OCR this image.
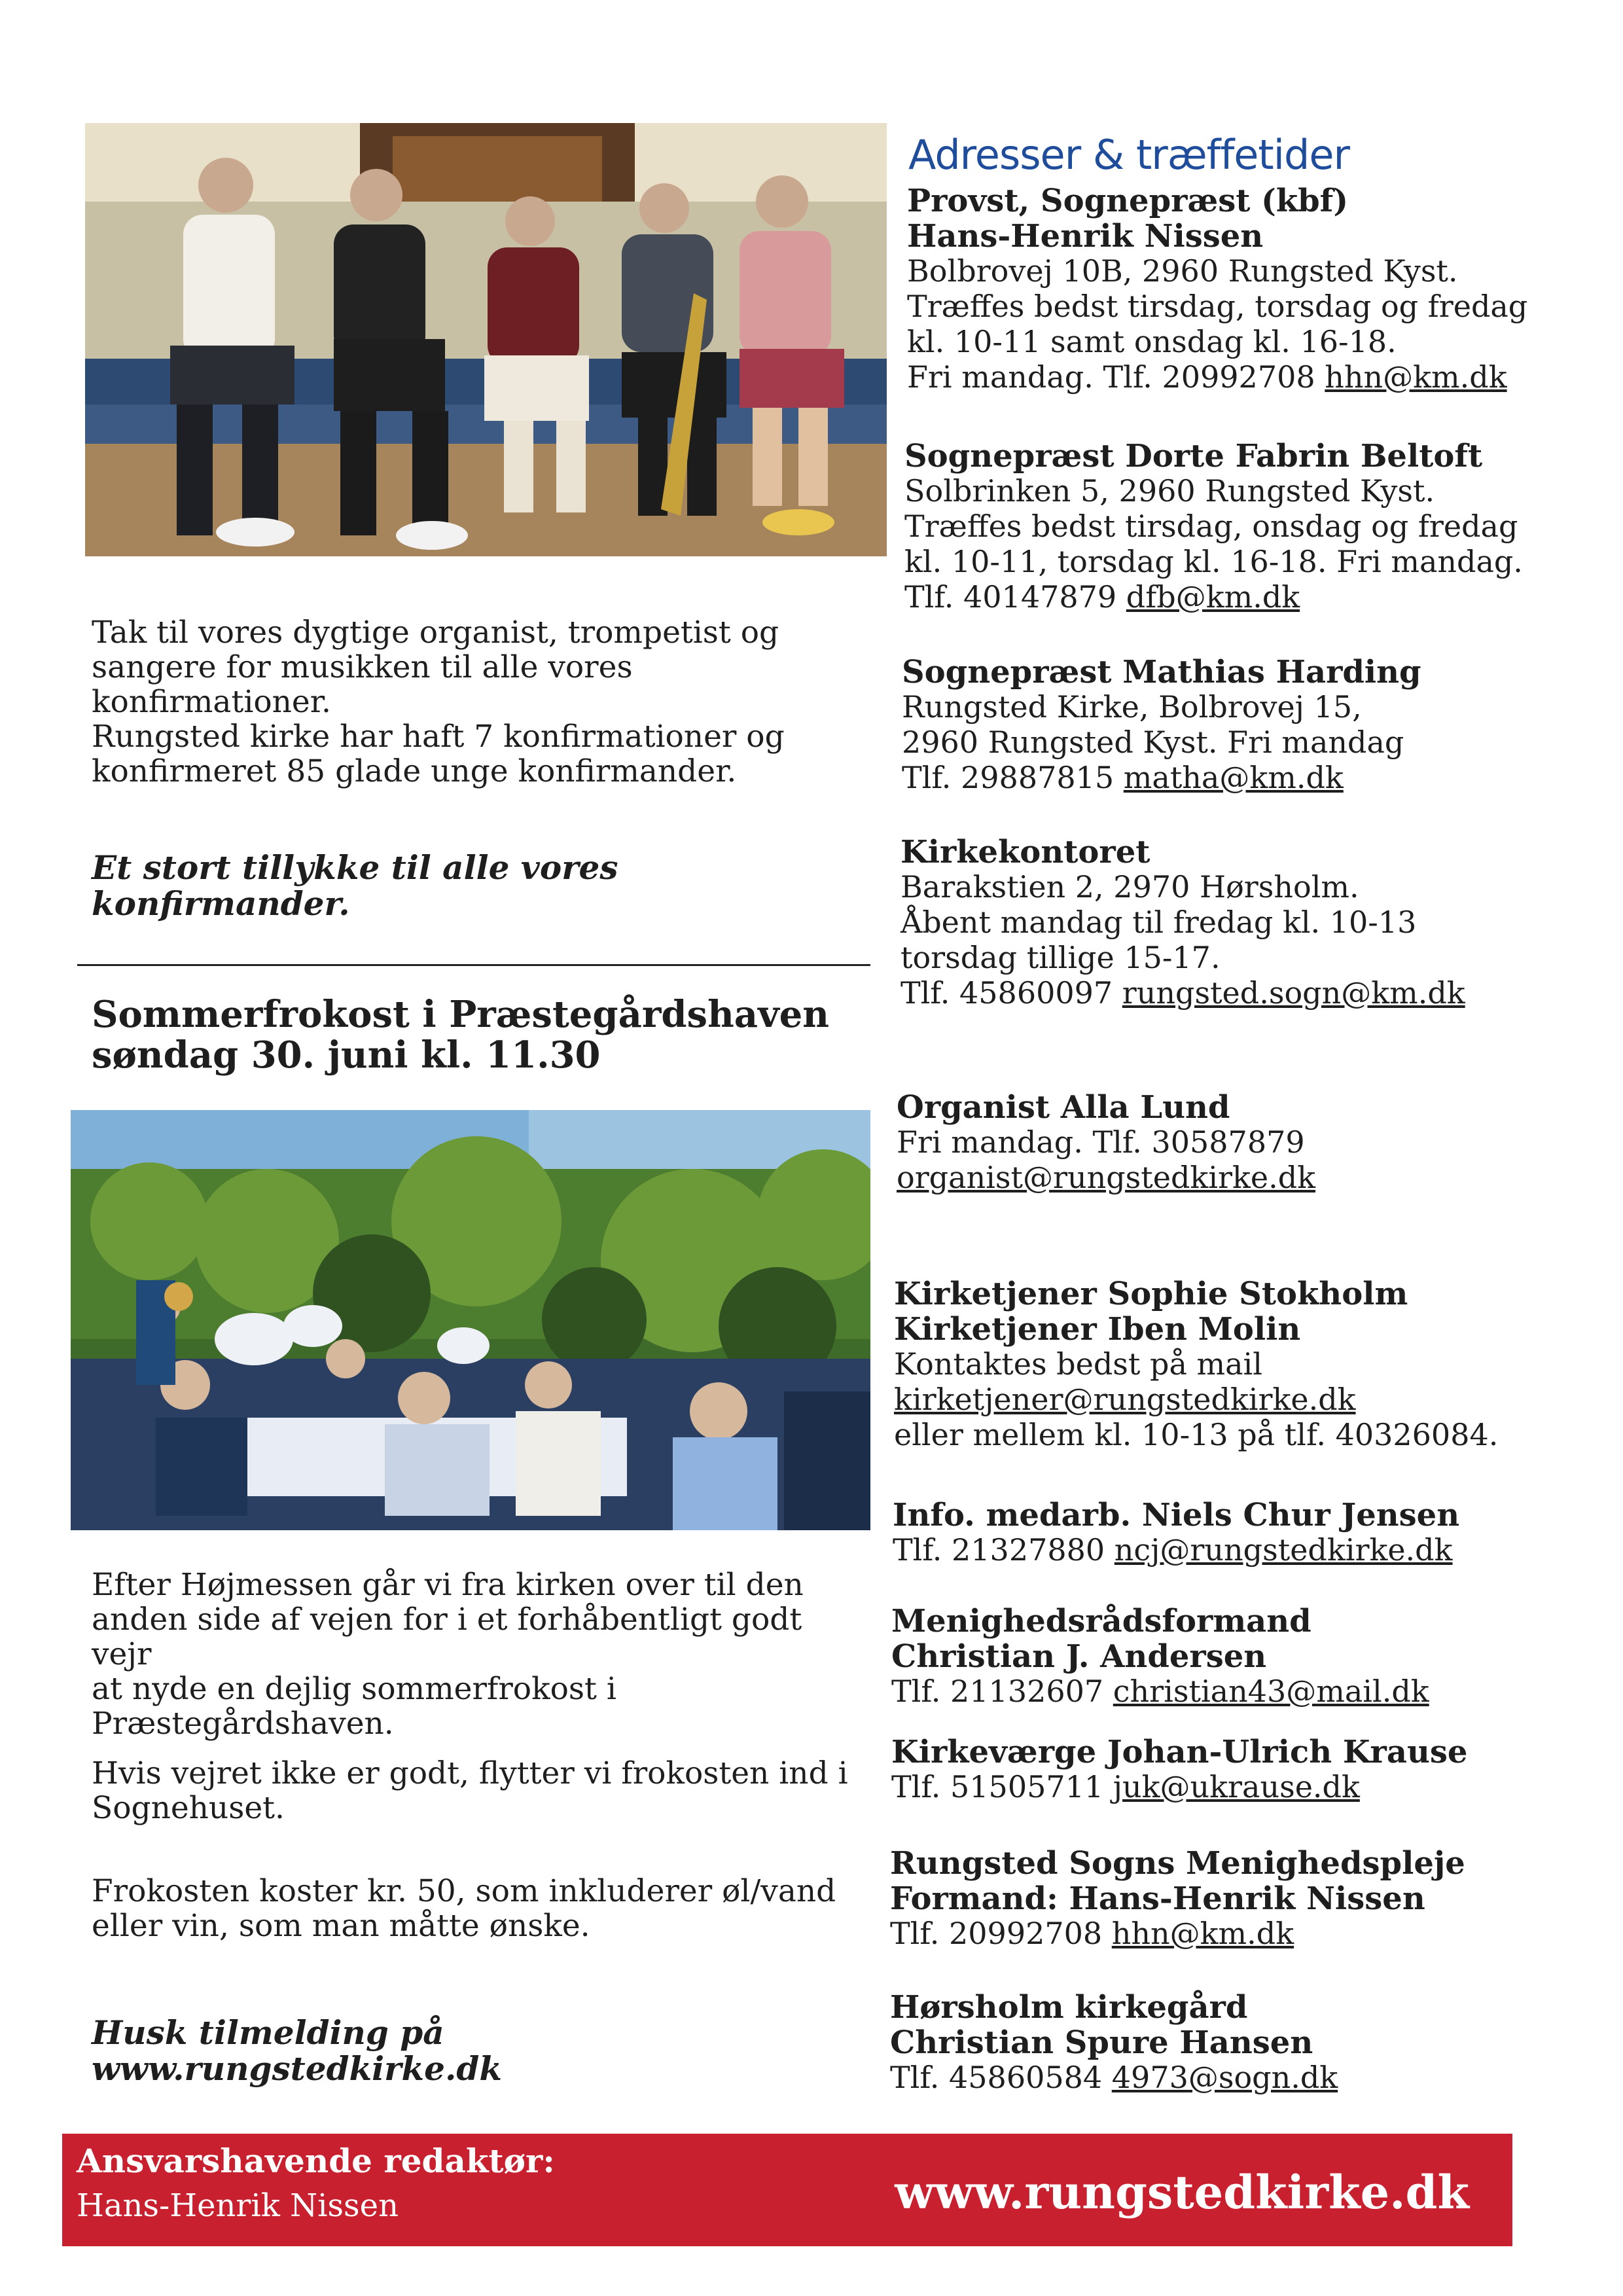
Tak til vores dygtige organist, trompetist og

sangere for musikken til alle vores

konfirmationer.

Rungsted kirke har haft 7 konfirmationer og

konfirmeret 85 glade unge konfirmander.

Et stort tillykke til alle vores

konfirmander.

Sommerfrokost i Præstegårdshaven

søndag 30. juni kl. 11.30

Efter Højmessen går vi fra kirken over til den

anden side af vejen for i et forhåbentligt godt vejr

at nyde en dejlig sommerfrokost i

Præstegårdshaven.

Hvis vejret ikke er godt, flytter vi frokosten ind i

Sognehuset.

Frokosten koster kr. 50, som inkluderer øl/vand

eller vin, som man måtte ønske.

Husk tilmelding på

www.rungstedkirke.dk

Adresser & træffetider

Provst, Sognepræst (kbf)

Hans-Henrik Nissen

Bolbrovej 10B, 2960 Rungsted Kyst.

Træffes bedst tirsdag, torsdag og fredag

kl. 10-11 samt onsdag kl. 16-18.

Fri mandag. Tlf. 20992708 hhn@km.dk

Sognepræst Dorte Fabrin Beltoft

Solbrinken 5, 2960 Rungsted Kyst.

Træffes bedst tirsdag, onsdag og fredag

kl. 10-11, torsdag kl. 16-18. Fri mandag.

Tlf. 40147879 dfb@km.dk

Sognepræst Mathias Harding

Rungsted Kirke, Bolbrovej 15,

2960 Rungsted Kyst. Fri mandag

Tlf. 29887815 matha@km.dk

Kirkekontoret

Barakstien 2, 2970 Hørsholm.

Åbent mandag til fredag kl. 10-13

torsdag tillige 15-17.

Tlf. 45860097 rungsted.sogn@km.dk

Organist Alla Lund

Fri mandag. Tlf. 30587879

organist@rungstedkirke.dk

Kirketjener Sophie Stokholm

Kirketjener Iben Molin

Kontaktes bedst på mail

kirketjener@rungstedkirke.dk

eller mellem kl. 10-13 på tlf. 40326084.

Info. medarb. Niels Chur Jensen

Tlf. 21327880 ncj@rungstedkirke.dk

Menighedsrådsformand

Christian J. Andersen

Tlf. 21132607 christian43@mail.dk

Kirkeværge Johan-Ulrich Krause

Tlf. 51505711 juk@ukrause.dk

Rungsted Sogns Menighedspleje

Formand: Hans-Henrik Nissen

Tlf. 20992708 hhn@km.dk

Hørsholm kirkegård

Christian Spure Hansen

Tlf. 45860584 4973@sogn.dk

Ansvarshavende redaktør:

Hans-Henrik Nissen	www.rungstedkirke.dk
